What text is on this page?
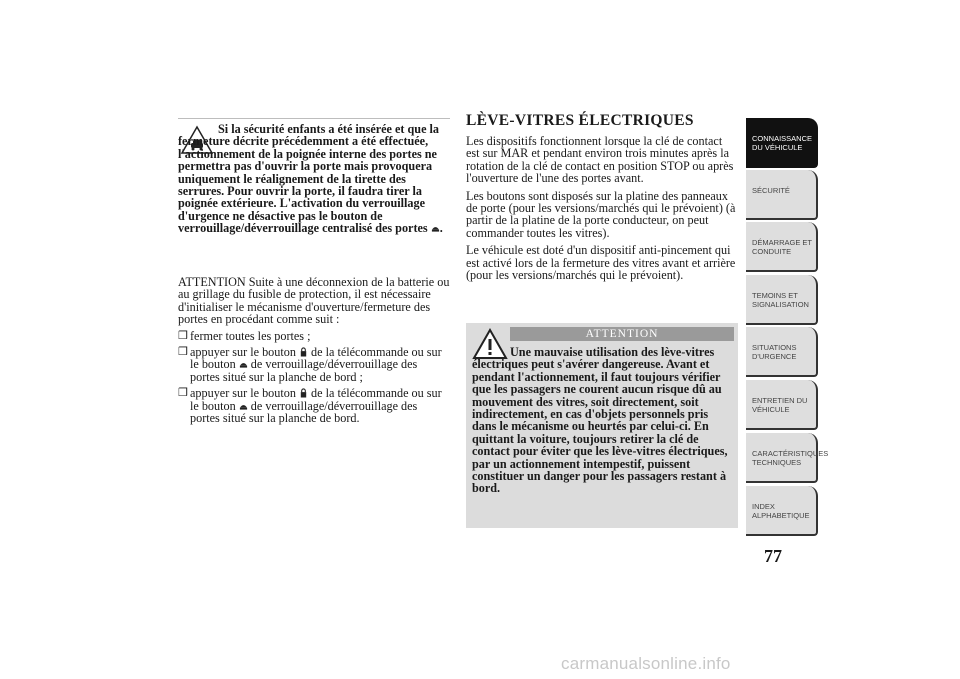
Si la sécurité enfants a été insérée et que la fermeture décrite précédemment a été effectuée, l'actionnement de la poignée interne des portes ne permettra pas d'ouvrir la porte mais provoquera uniquement le réalignement de la tirette des serrures. Pour ouvrir la porte, il faudra tirer la poignée extérieure. L'activation du verrouillage d'urgence ne désactive pas le bouton de verrouillage/déverrouillage centralisé des portes .

ATTENTION Suite à une déconnexion de la batterie ou au grillage du fusible de protection, il est nécessaire d'initialiser le mécanisme d'ouverture/fermeture des portes en procédant comme suit :

❒ fermer toutes les portes ;
❒ appuyer sur le bouton de la télécommande ou sur le bouton de verrouillage/déverrouillage des portes situé sur la planche de bord ;
❒ appuyer sur le bouton de la télécommande ou sur le bouton de verrouillage/déverrouillage des portes situé sur la planche de bord.
LÈVE-VITRES ÉLECTRIQUES

Les dispositifs fonctionnent lorsque la clé de contact est sur MAR et pendant environ trois minutes après la rotation de la clé de contact en position STOP ou après l'ouverture de l'une des portes avant.

Les boutons sont disposés sur la platine des panneaux de porte (pour les versions/marchés qui le prévoient) (à partir de la platine de la porte conducteur, on peut commander toutes les vitres).

Le véhicule est doté d'un dispositif anti-pincement qui est activé lors de la fermeture des vitres avant et arrière (pour les versions/marchés qui le prévoient).

ATTENTION
Une mauvaise utilisation des lève-vitres électriques peut s'avérer dangereuse. Avant et pendant l'actionnement, il faut toujours vérifier que les passagers ne courent aucun risque dû au mouvement des vitres, soit directement, soit indirectement, en cas d'objets personnels pris dans le mécanisme ou heurtés par celui-ci. En quittant la voiture, toujours retirer la clé de contact pour éviter que les lève-vitres électriques, par un actionnement intempestif, puissent constituer un danger pour les passagers restant à bord.
CONNAISSANCE DU VÉHICULE
SÉCURITÉ
DÉMARRAGE ET CONDUITE
TEMOINS ET SIGNALISATION
SITUATIONS D'URGENCE
ENTRETIEN DU VÉHICULE
CARACTÉRISTIQUES TECHNIQUES
INDEX ALPHABETIQUE
77
carmanualsonline.info
